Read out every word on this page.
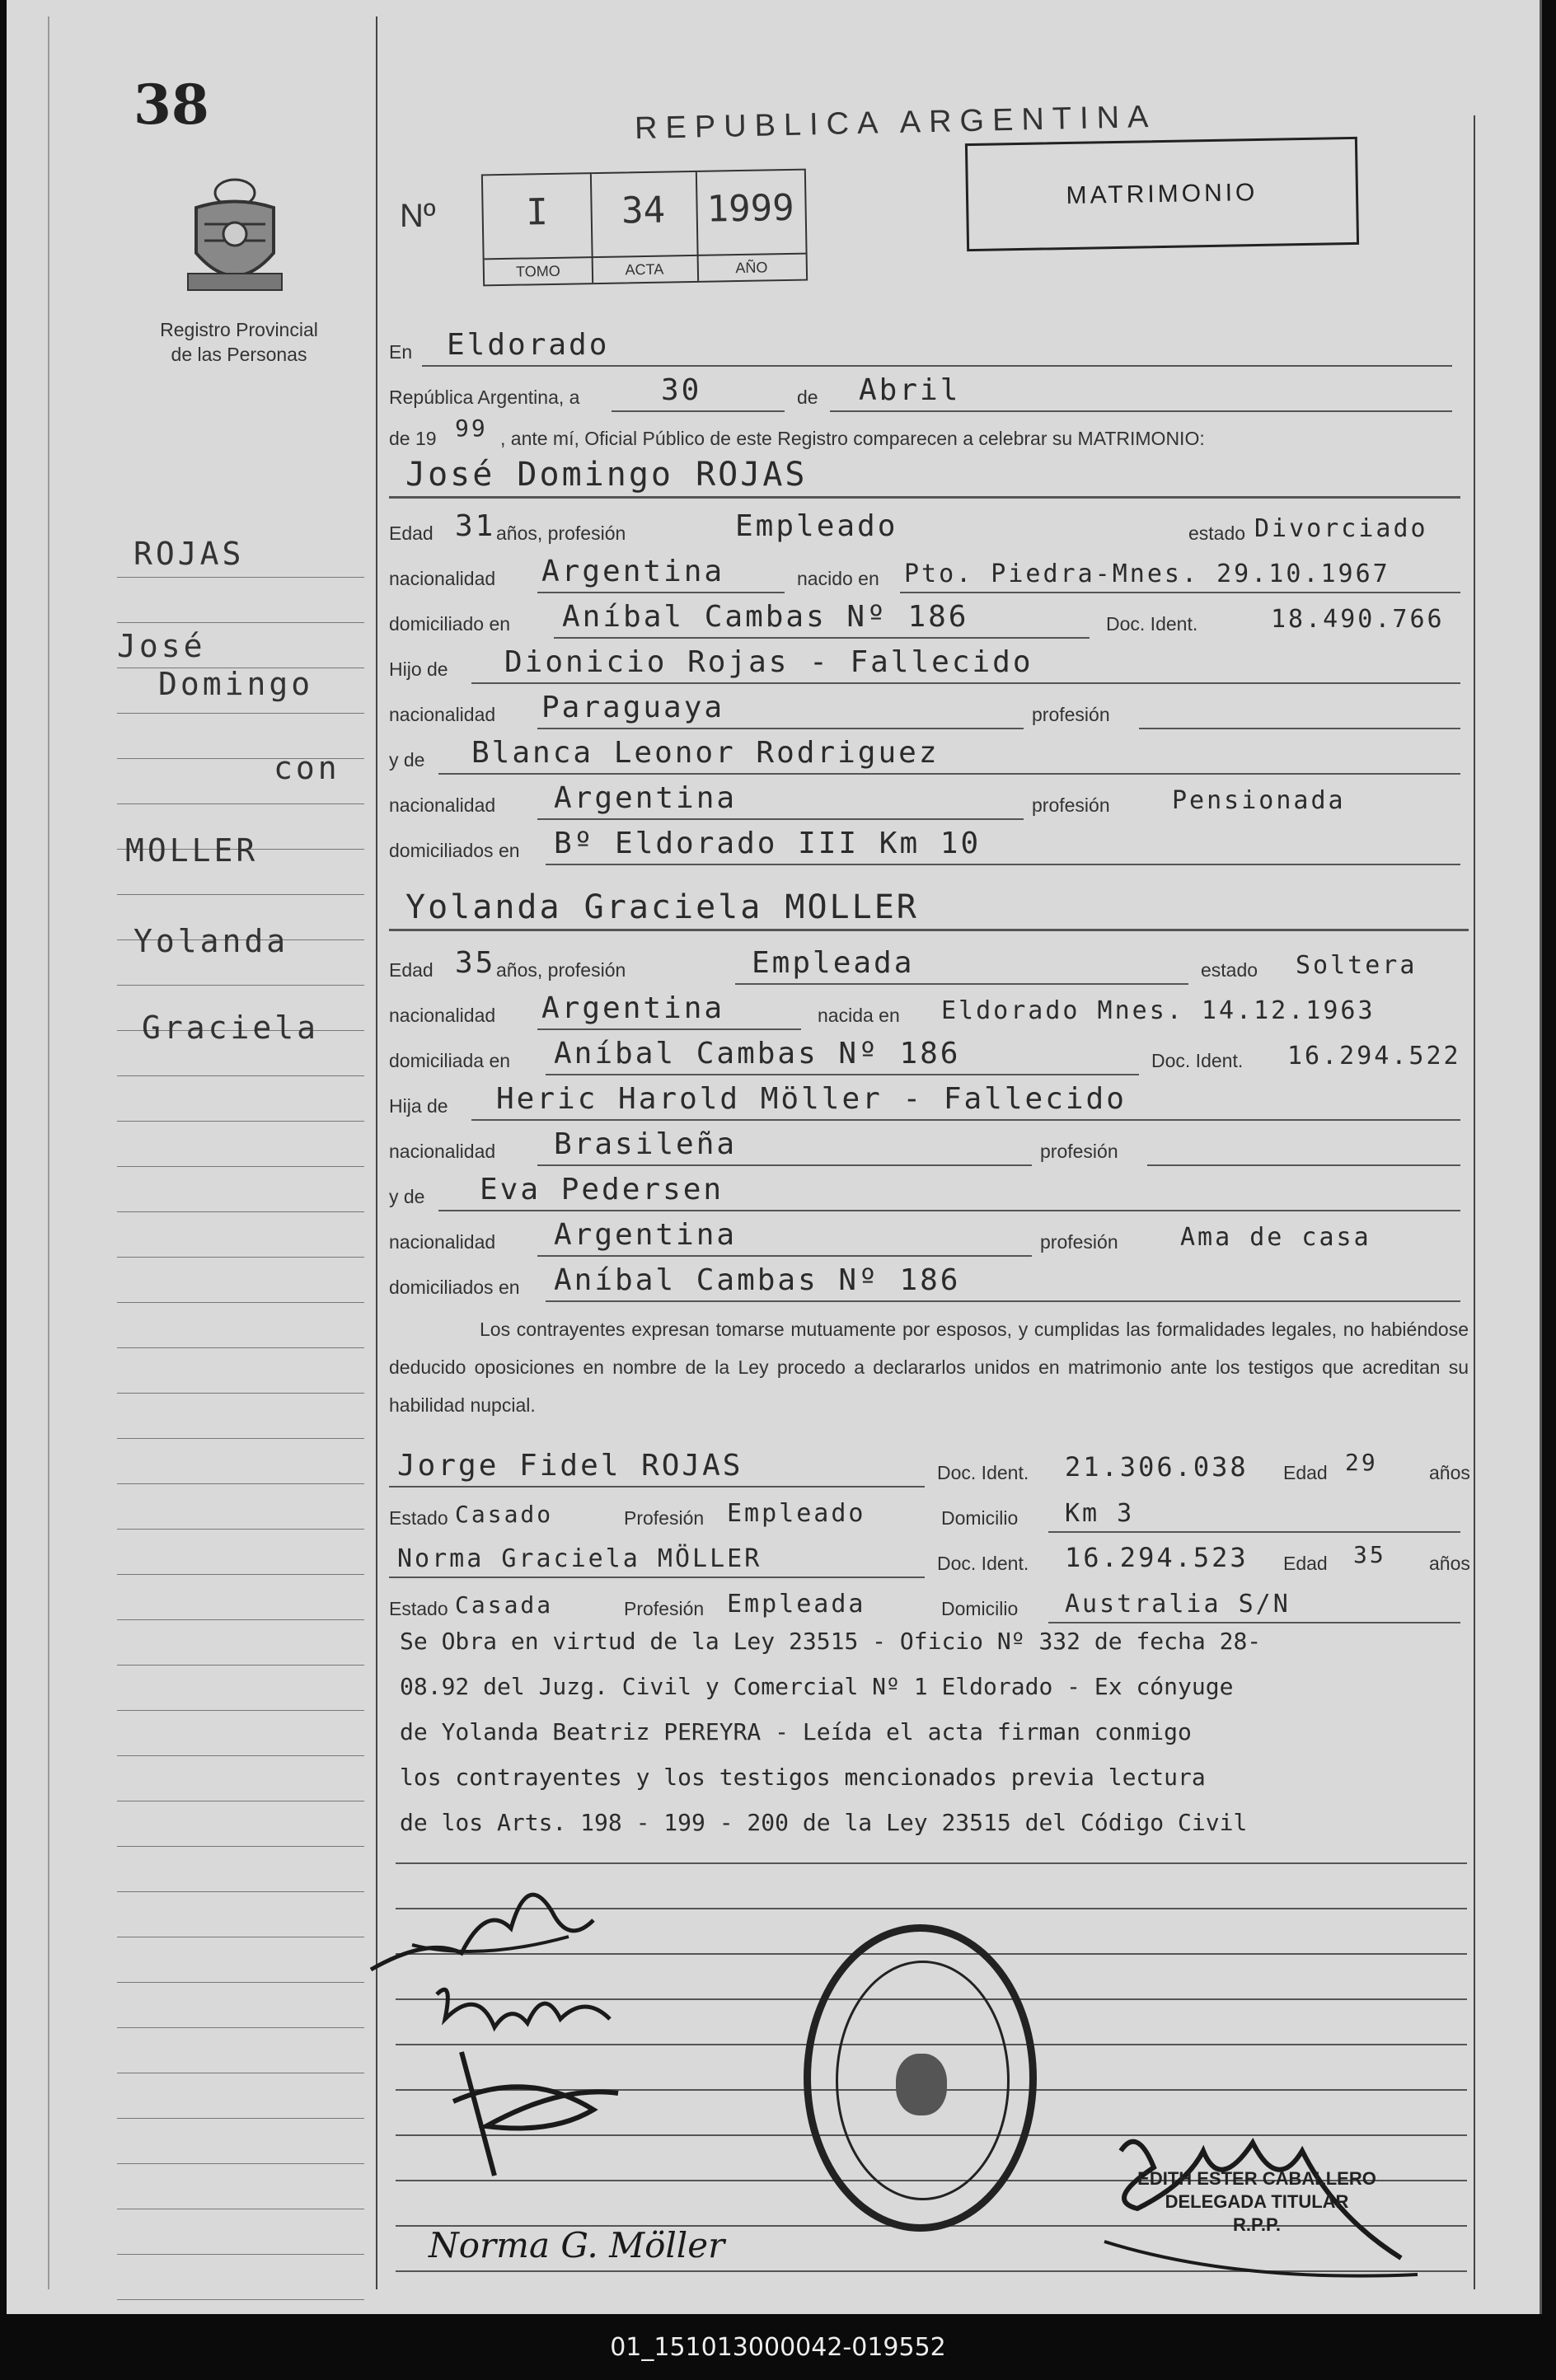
38
Registro Provincial
de las Personas
REPUBLICA ARGENTINA
Nº	I
TOMO
34
ACTA
1999
AÑO
MATRIMONIO
ROJAS
José
Domingo
con
MOLLER
Yolanda
Graciela
En Eldorado
República Argentina, a	30	de Abril
de 19 99 , ante mí, Oficial Público de este Registro comparecen a celebrar su MATRIMONIO:
José Domingo ROJAS
Edad 31 años, profesión	Empleado	estado Divorciado
nacionalidad Argentina	nacido en Pto. Piedra-Mnes. 29.10.1967
domiciliado en Aníbal Cambas Nº 186	Doc. Ident.	18.490.766
Hijo de Dionicio Rojas - Fallecido
nacionalidad Paraguaya	profesión
y de Blanca Leonor Rodriguez
nacionalidad Argentina	profesión	Pensionada
domiciliados en Bº Eldorado III Km 10
Yolanda Graciela MOLLER
Edad 35 años, profesión	Empleada	estado Soltera
nacionalidad Argentina	nacida en Eldorado Mnes. 14.12.1963
domiciliada en Aníbal Cambas Nº 186	Doc. Ident. 16.294.522
Hija de Heric Harold Möller - Fallecido
nacionalidad Brasileña	profesión
y de Eva Pedersen
nacionalidad Argentina	profesión	Ama de casa
domiciliados en Aníbal Cambas Nº 186
Los contrayentes expresan tomarse mutuamente por esposos, y cumplidas las formalidades legales, no habiéndose deducido oposiciones en nombre de la Ley procedo a declararlos unidos en matrimonio ante los testigos que acreditan su habilidad nupcial.
Jorge Fidel ROJAS	Doc. Ident. 21.306.038 Edad 29	años
Estado Casado	Profesión Empleado	Domicilio Km 3
Norma Graciela MÖLLER	Doc. Ident. 16.294.523 Edad 35 años
Estado Casada	Profesión Empleada	Domicilio Australia S/N
Se Obra en virtud de la Ley 23515 - Oficio Nº 332 de fecha 28-
08.92 del Juzg. Civil y Comercial Nº 1 Eldorado - Ex cónyuge
de Yolanda Beatriz PEREYRA - Leída el acta firman conmigo
los contrayentes y los testigos mencionados previa lectura
de los Arts. 198 - 199 - 200 de la Ley 23515 del Código Civil
Norma G. Möller
EDITH ESTER CABALLERO
DELEGADA TITULAR
R.P.P.
01_151013000042-019552
